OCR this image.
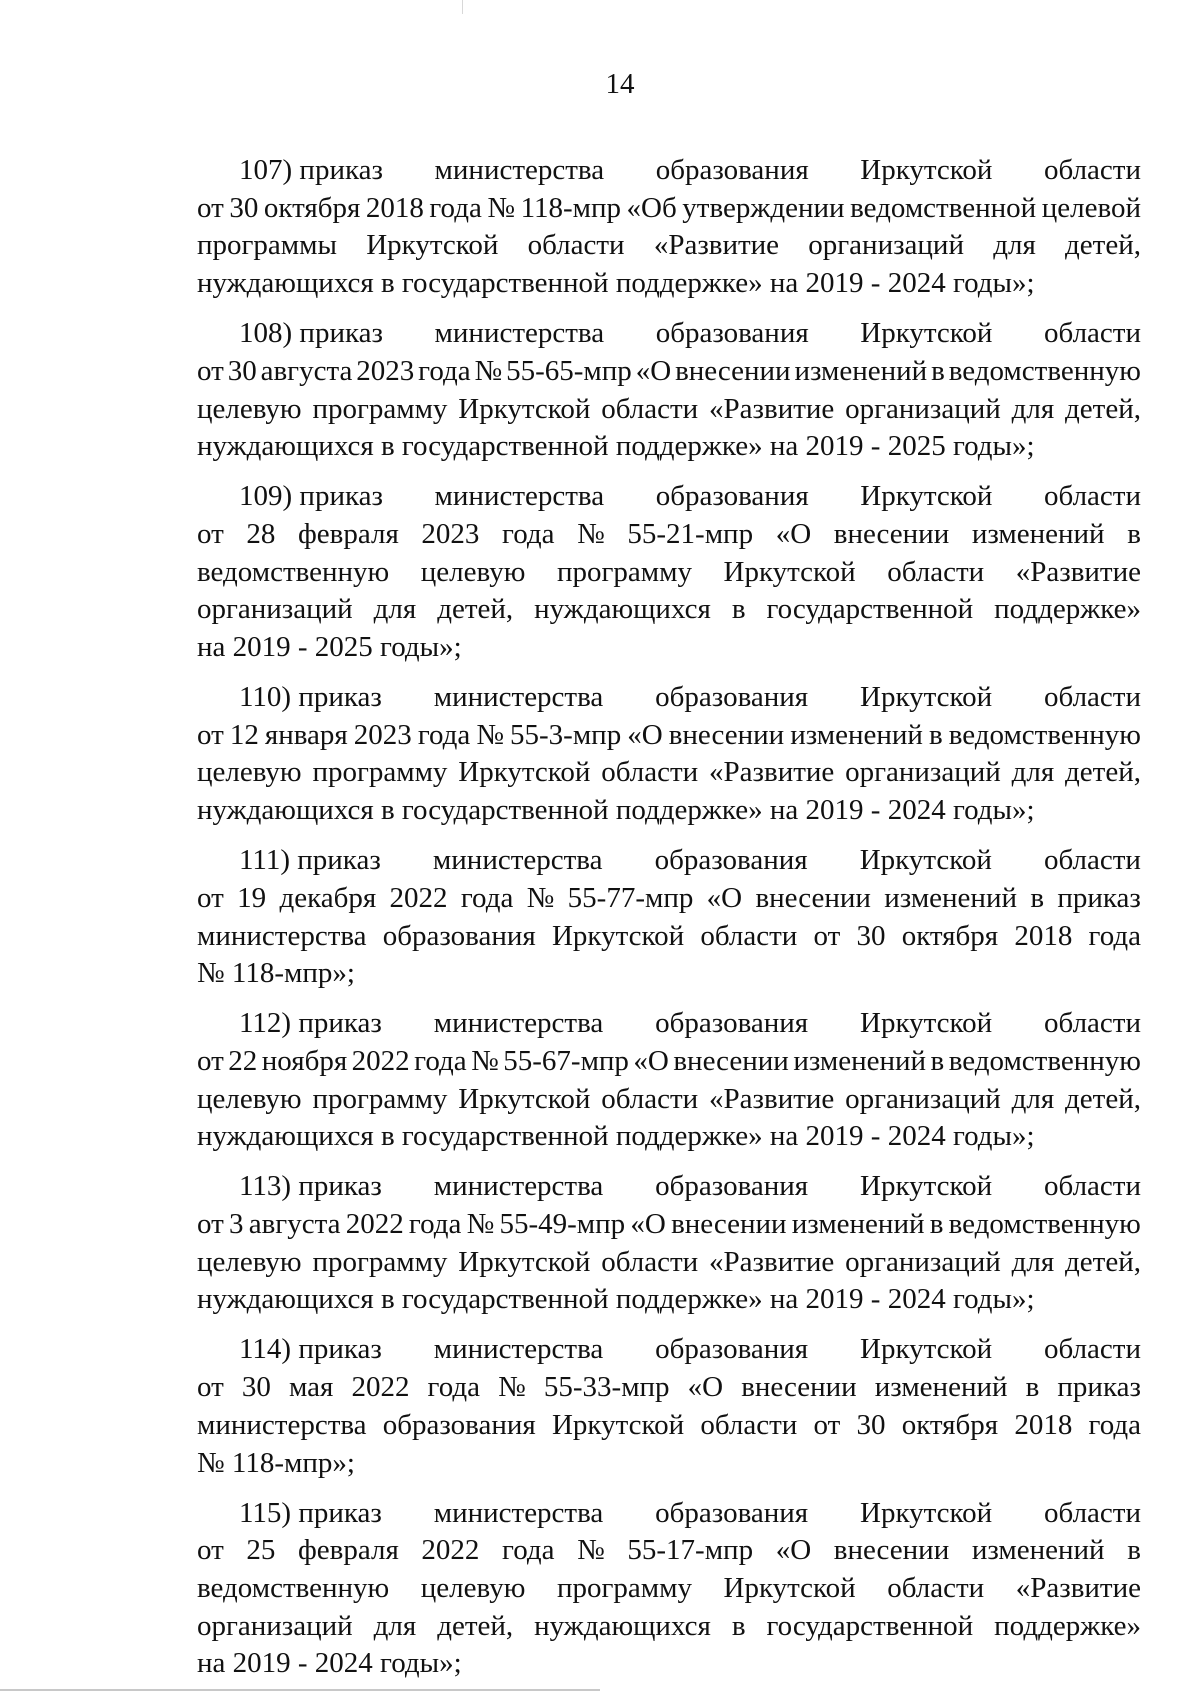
14
107) приказ министерства образования Иркутской области
от 30 октября 2018 года № 118-мпр «Об утверждении ведомственной целевой
программы Иркутской области «Развитие организаций для детей,
нуждающихся в государственной поддержке» на 2019 - 2024 годы»;
108) приказ министерства образования Иркутской области
от 30 августа 2023 года № 55-65-мпр «О внесении изменений в ведомственную
целевую программу Иркутской области «Развитие организаций для детей,
нуждающихся в государственной поддержке» на 2019 - 2025 годы»;
109) приказ министерства образования Иркутской области
от 28 февраля 2023 года № 55-21-мпр «О внесении изменений в
ведомственную целевую программу Иркутской области «Развитие
организаций для детей, нуждающихся в государственной поддержке»
на 2019 - 2025 годы»;
110) приказ министерства образования Иркутской области
от 12 января 2023 года № 55-3-мпр «О внесении изменений в ведомственную
целевую программу Иркутской области «Развитие организаций для детей,
нуждающихся в государственной поддержке» на 2019 - 2024 годы»;
111) приказ министерства образования Иркутской области
от 19 декабря 2022 года № 55-77-мпр «О внесении изменений в приказ
министерства образования Иркутской области от 30 октября 2018 года
№ 118-мпр»;
112) приказ министерства образования Иркутской области
от 22 ноября 2022 года № 55-67-мпр «О внесении изменений в ведомственную
целевую программу Иркутской области «Развитие организаций для детей,
нуждающихся в государственной поддержке» на 2019 - 2024 годы»;
113) приказ министерства образования Иркутской области
от 3 августа 2022 года № 55-49-мпр «О внесении изменений в ведомственную
целевую программу Иркутской области «Развитие организаций для детей,
нуждающихся в государственной поддержке» на 2019 - 2024 годы»;
114) приказ министерства образования Иркутской области
от 30 мая 2022 года № 55-33-мпр «О внесении изменений в приказ
министерства образования Иркутской области от 30 октября 2018 года
№ 118-мпр»;
115) приказ министерства образования Иркутской области
от 25 февраля 2022 года № 55-17-мпр «О внесении изменений в
ведомственную целевую программу Иркутской области «Развитие
организаций для детей, нуждающихся в государственной поддержке»
на 2019 - 2024 годы»;
